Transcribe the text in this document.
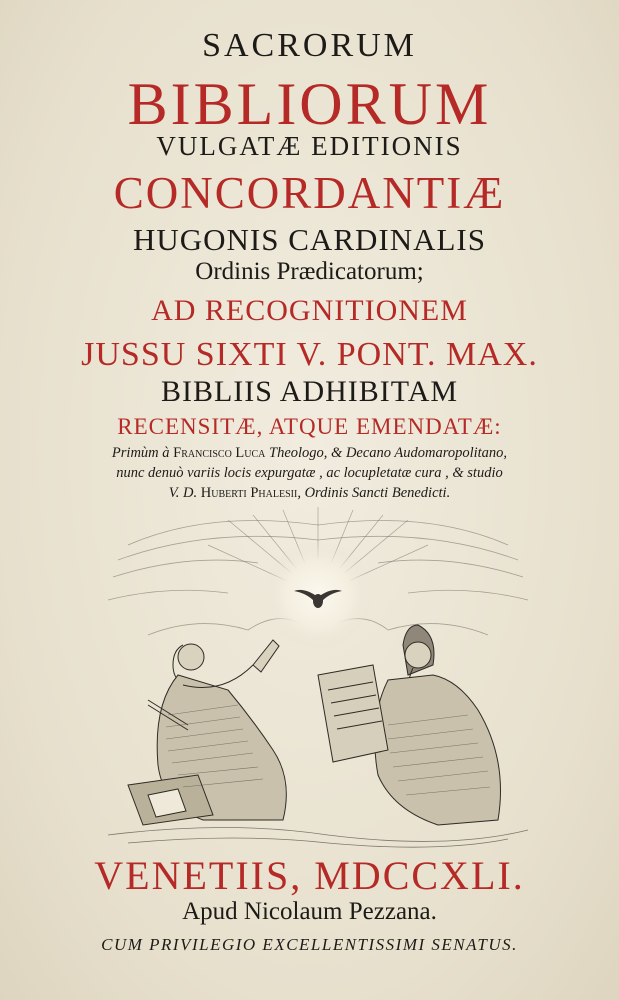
SACRORUM
BIBLIORUM
VULGATÆ EDITIONIS
CONCORDANTIÆ
HUGONIS CARDINALIS
Ordinis Prædicatorum;
AD RECOGNITIONEM
JUSSU SIXTI V. PONT. MAX.
BIBLIIS ADHIBITAM
RECENSITÆ, ATQUE EMENDATÆ:
Primùm à Francisco Luca Theologo, & Decano Audomaropolitano,
nunc denuò variis locis expurgatæ , ac locupletatæ cura , & studio
V. D. Huberti Phalesii, Ordinis Sancti Benedicti.
VENETIIS, MDCCXLI.
Apud Nicolaum Pezzana.
CUM PRIVILEGIO EXCELLENTISSIMI SENATUS.
